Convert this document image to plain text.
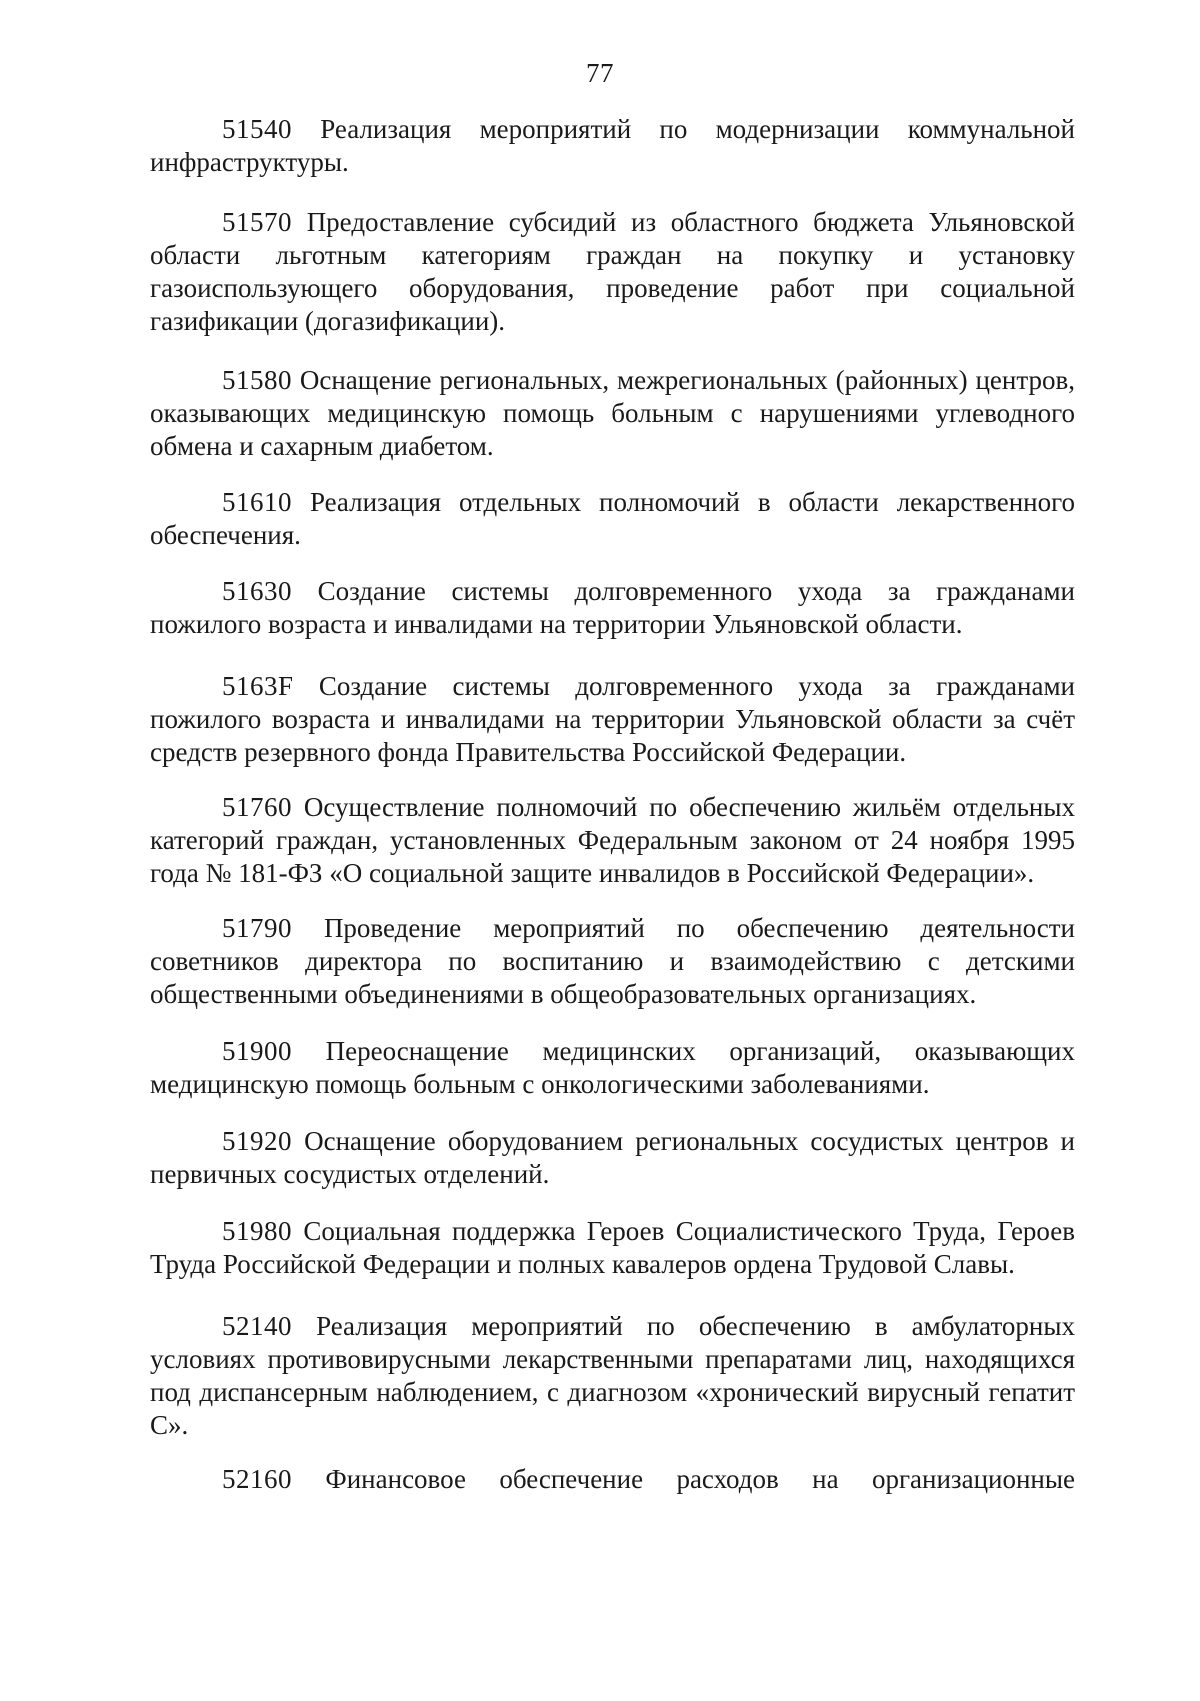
77

51540 Реализация мероприятий по модернизации коммунальной инфраструктуры.

51570 Предоставление субсидий из областного бюджета Ульяновской области льготным категориям граждан на покупку и установку газоиспользующего оборудования, проведение работ при социальной газификации (догазификации).

51580 Оснащение региональных, межрегиональных (районных) центров, оказывающих медицинскую помощь больным с нарушениями углеводного обмена и сахарным диабетом.

51610 Реализация отдельных полномочий в области лекарственного обеспечения.

51630 Создание системы долговременного ухода за гражданами пожилого возраста и инвалидами на территории Ульяновской области.

5163F Создание системы долговременного ухода за гражданами пожилого возраста и инвалидами на территории Ульяновской области за счёт средств резервного фонда Правительства Российской Федерации.

51760 Осуществление полномочий по обеспечению жильём отдельных категорий граждан, установленных Федеральным законом от 24 ноября 1995 года № 181-ФЗ «О социальной защите инвалидов в Российской Федерации».

51790 Проведение мероприятий по обеспечению деятельности советников директора по воспитанию и взаимодействию с детскими общественными объединениями в общеобразовательных организациях.

51900 Переоснащение медицинских организаций, оказывающих медицинскую помощь больным с онкологическими заболеваниями.

51920 Оснащение оборудованием региональных сосудистых центров и первичных сосудистых отделений.

51980 Социальная поддержка Героев Социалистического Труда, Героев Труда Российской Федерации и полных кавалеров ордена Трудовой Славы.

52140 Реализация мероприятий по обеспечению в амбулаторных условиях противовирусными лекарственными препаратами лиц, находящихся под диспансерным наблюдением, с диагнозом «хронический вирусный гепатит С».

52160 Финансовое обеспечение расходов на организационные
